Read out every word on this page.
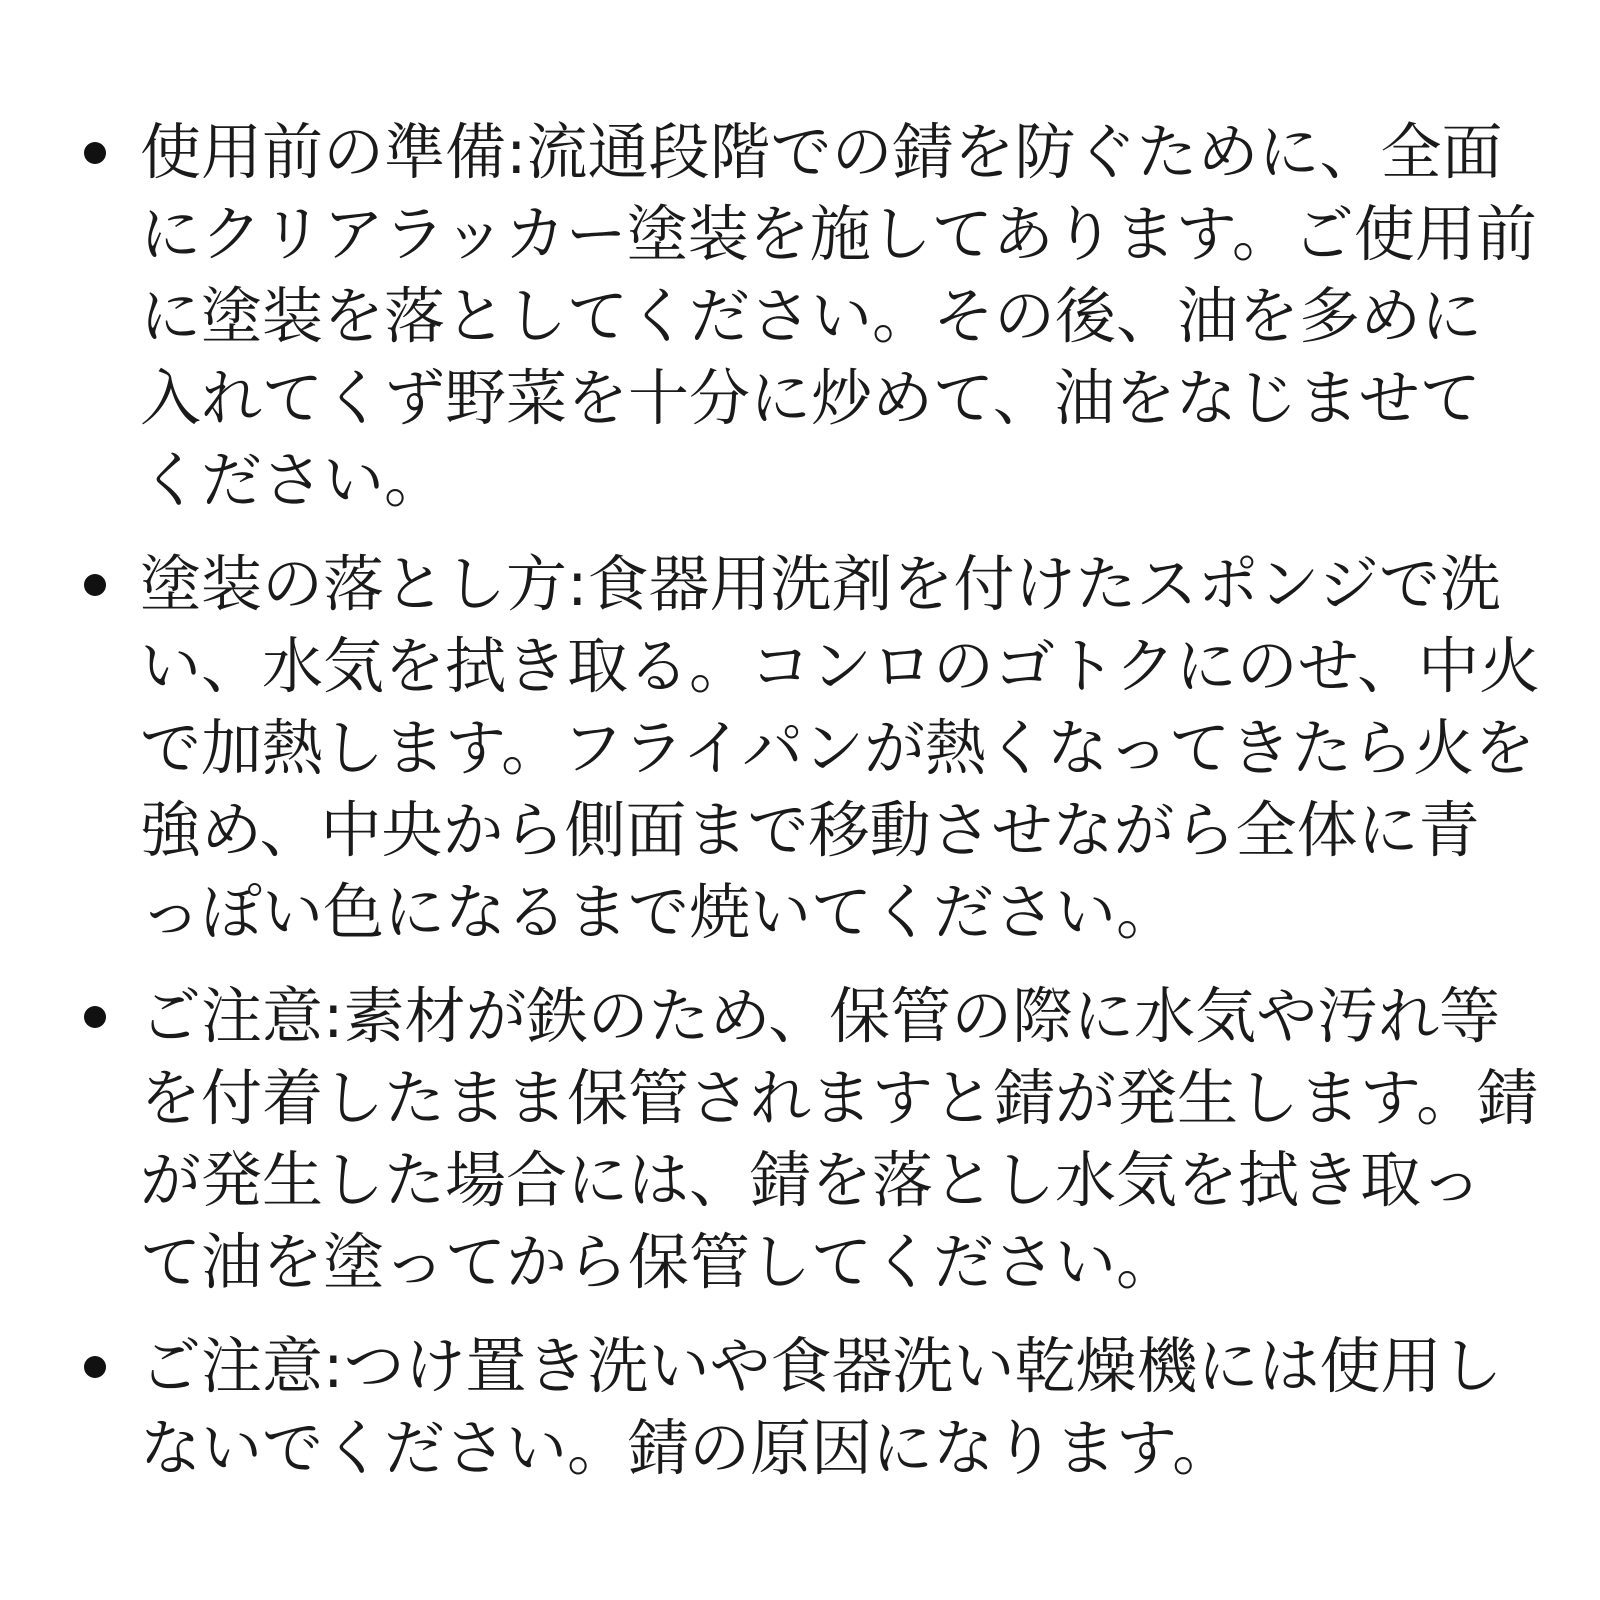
使用前の準備:流通段階での錆を防ぐために、全面にクリアラッカー塗装を施してあります。ご使用前に塗装を落としてください。その後、油を多めに入れてくず野菜を十分に炒めて、油をなじませてください。
塗装の落とし方:食器用洗剤を付けたスポンジで洗い、水気を拭き取る。コンロのゴトクにのせ、中火で加熱します。フライパンが熱くなってきたら火を強め、中央から側面まで移動させながら全体に青っぽい色になるまで焼いてください。
ご注意:素材が鉄のため、保管の際に水気や汚れ等を付着したまま保管されますと錆が発生します。錆が発生した場合には、錆を落とし水気を拭き取って油を塗ってから保管してください。
ご注意:つけ置き洗いや食器洗い乾燥機には使用しないでください。錆の原因になります。
